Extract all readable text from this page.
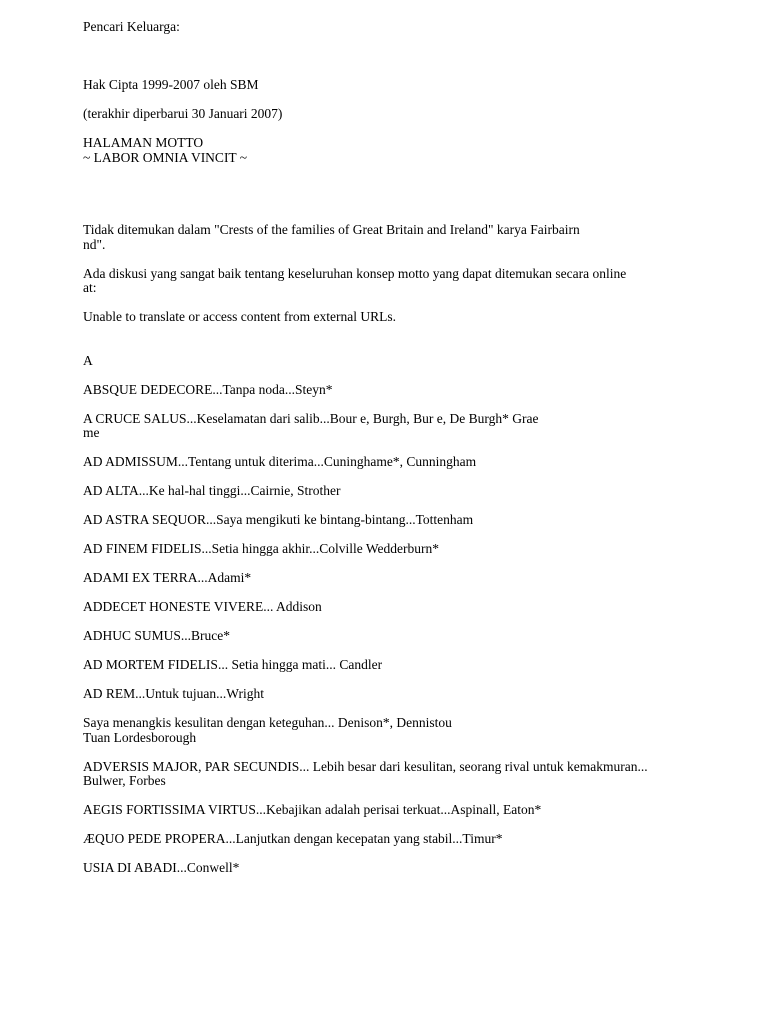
Pencari Keluarga:
Hak Cipta 1999-2007 oleh SBM
(terakhir diperbarui 30 Januari 2007)
HALAMAN MOTTO
~ LABOR OMNIA VINCIT ~

Tidak ditemukan dalam "Crests of the families of Great Britain and Ireland" karya Fairbairn
nd".
Ada diskusi yang sangat baik tentang keseluruhan konsep motto yang dapat ditemukan secara online
at:
Unable to translate or access content from external URLs.
A
ABSQUE DEDECORE...Tanpa noda...Steyn*
A CRUCE SALUS...Keselamatan dari salib...Bour e, Burgh, Bur e, De Burgh* Grae
me
AD ADMISSUM...Tentang untuk diterima...Cuninghame*, Cunningham
AD ALTA...Ke hal-hal tinggi...Cairnie, Strother
AD ASTRA SEQUOR...Saya mengikuti ke bintang-bintang...Tottenham
AD FINEM FIDELIS...Setia hingga akhir...Colville Wedderburn*
ADAMI EX TERRA...Adami*
ADDECET HONESTE VIVERE... Addison
ADHUC SUMUS...Bruce*
AD MORTEM FIDELIS... Setia hingga mati... Candler
AD REM...Untuk tujuan...Wright
Saya menangkis kesulitan dengan keteguhan... Denison*, Dennistou
Tuan Lordesborough
ADVERSIS MAJOR, PAR SECUNDIS... Lebih besar dari kesulitan, seorang rival untuk kemakmuran...
Bulwer, Forbes
AEGIS FORTISSIMA VIRTUS...Kebajikan adalah perisai terkuat...Aspinall, Eaton*
ÆQUO PEDE PROPERA...Lanjutkan dengan kecepatan yang stabil...Timur*
USIA DI ABADI...Conwell*
